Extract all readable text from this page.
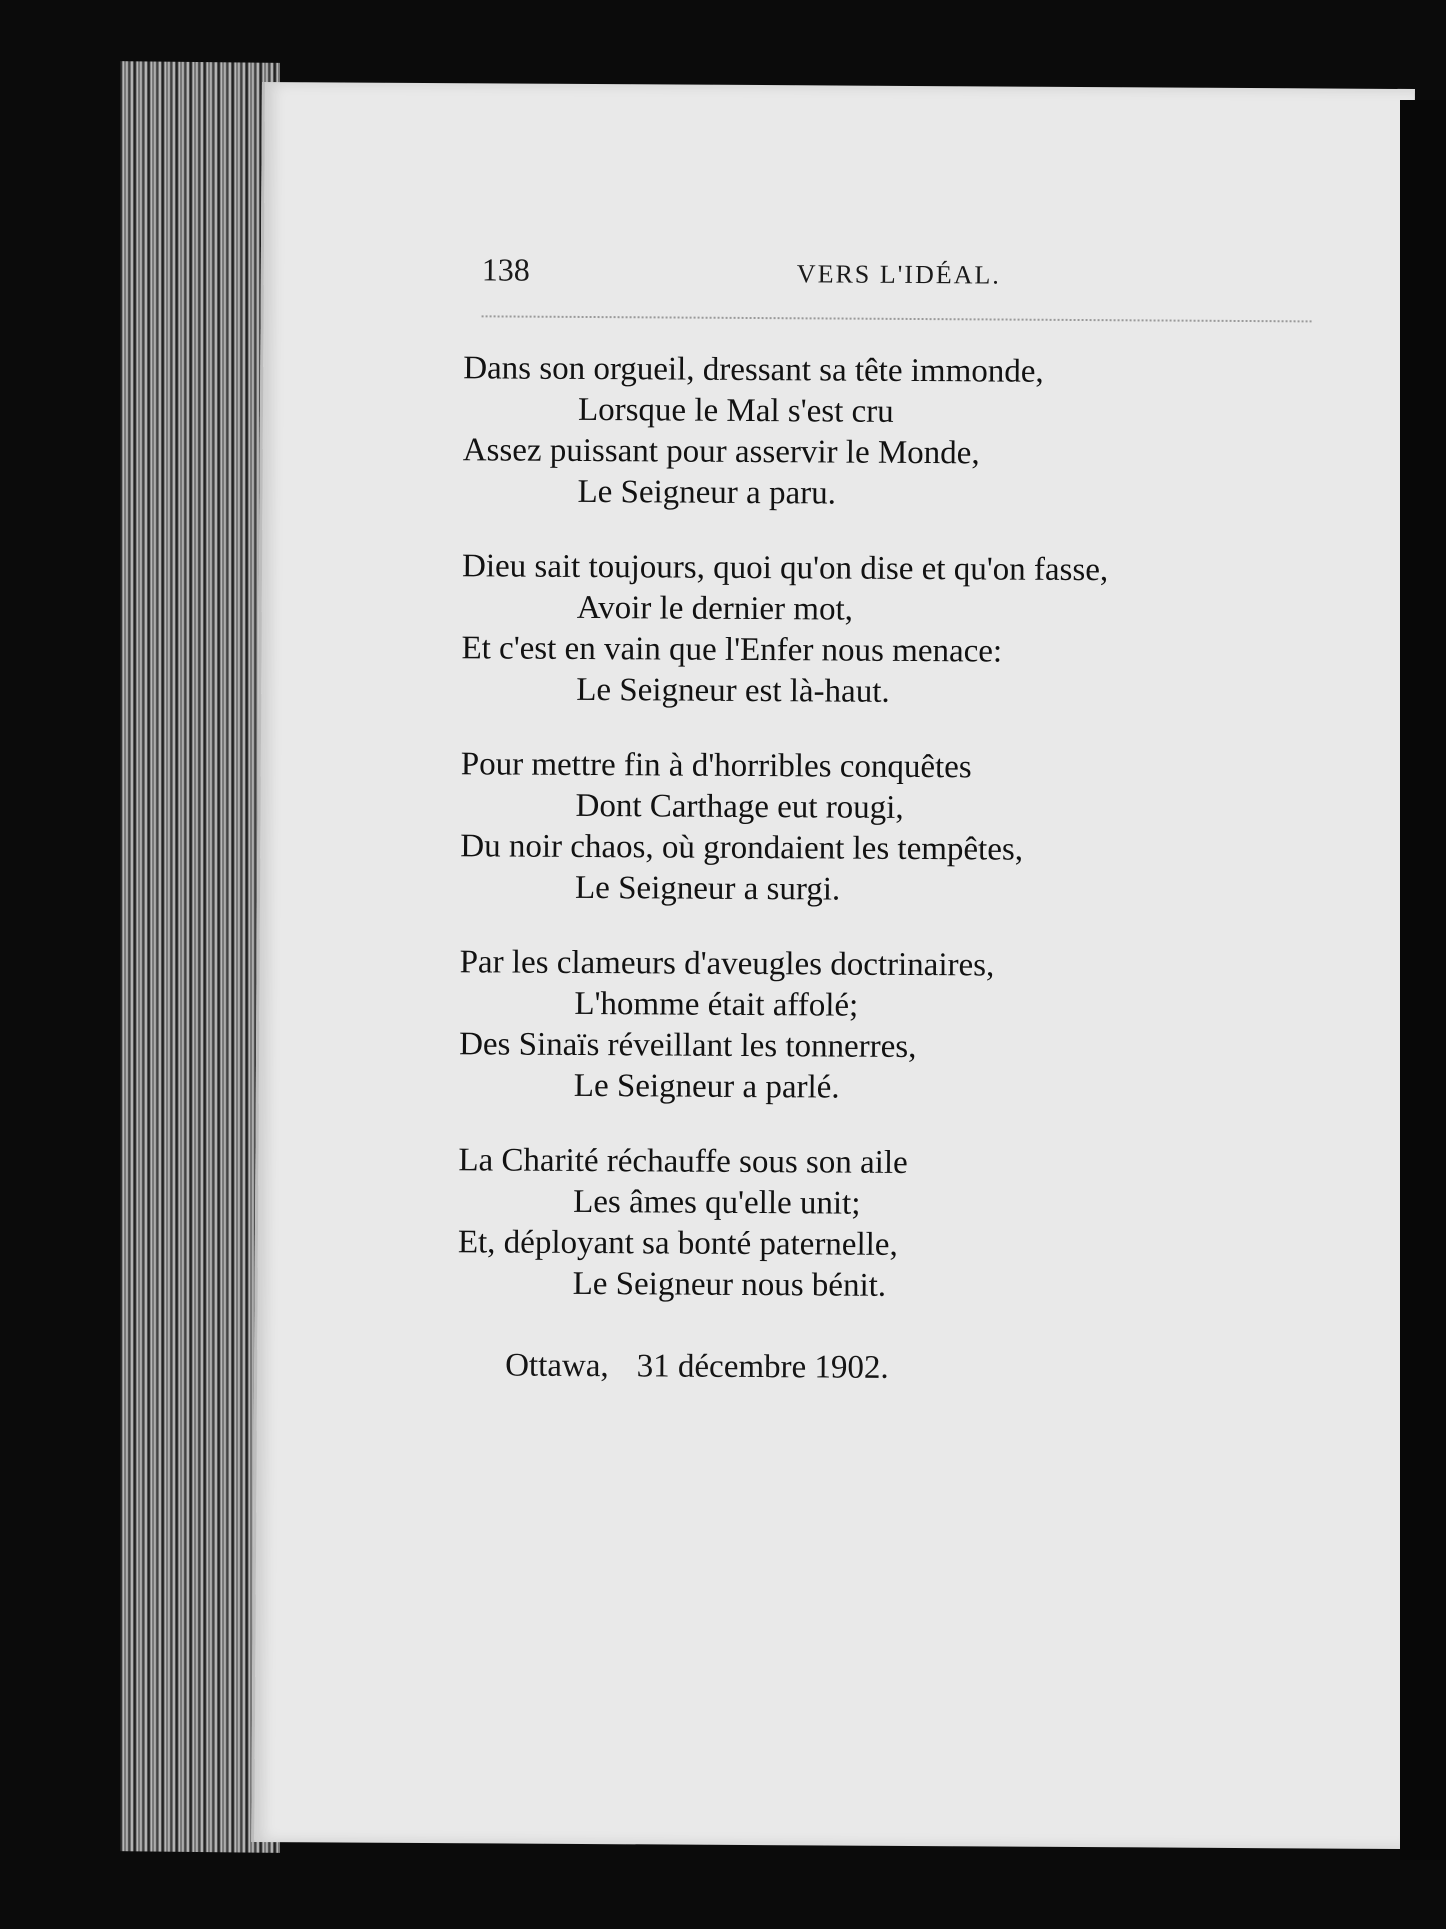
138	VERS L'IDÉAL.
Dans son orgueil, dressant sa tête immonde,
Lorsque le Mal s'est cru
Assez puissant pour asservir le Monde,
Le Seigneur a paru.
Dieu sait toujours, quoi qu'on dise et qu'on fasse,
Avoir le dernier mot,
Et c'est en vain que l'Enfer nous menace:
Le Seigneur est là-haut.
Pour mettre fin à d'horribles conquêtes
Dont Carthage eut rougi,
Du noir chaos, où grondaient les tempêtes,
Le Seigneur a surgi.
Par les clameurs d'aveugles doctrinaires,
L'homme était affolé;
Des Sinaïs réveillant les tonnerres,
Le Seigneur a parlé.
La Charité réchauffe sous son aile
Les âmes qu'elle unit;
Et, déployant sa bonté paternelle,
Le Seigneur nous bénit.
Ottawa, 31 décembre 1902.
